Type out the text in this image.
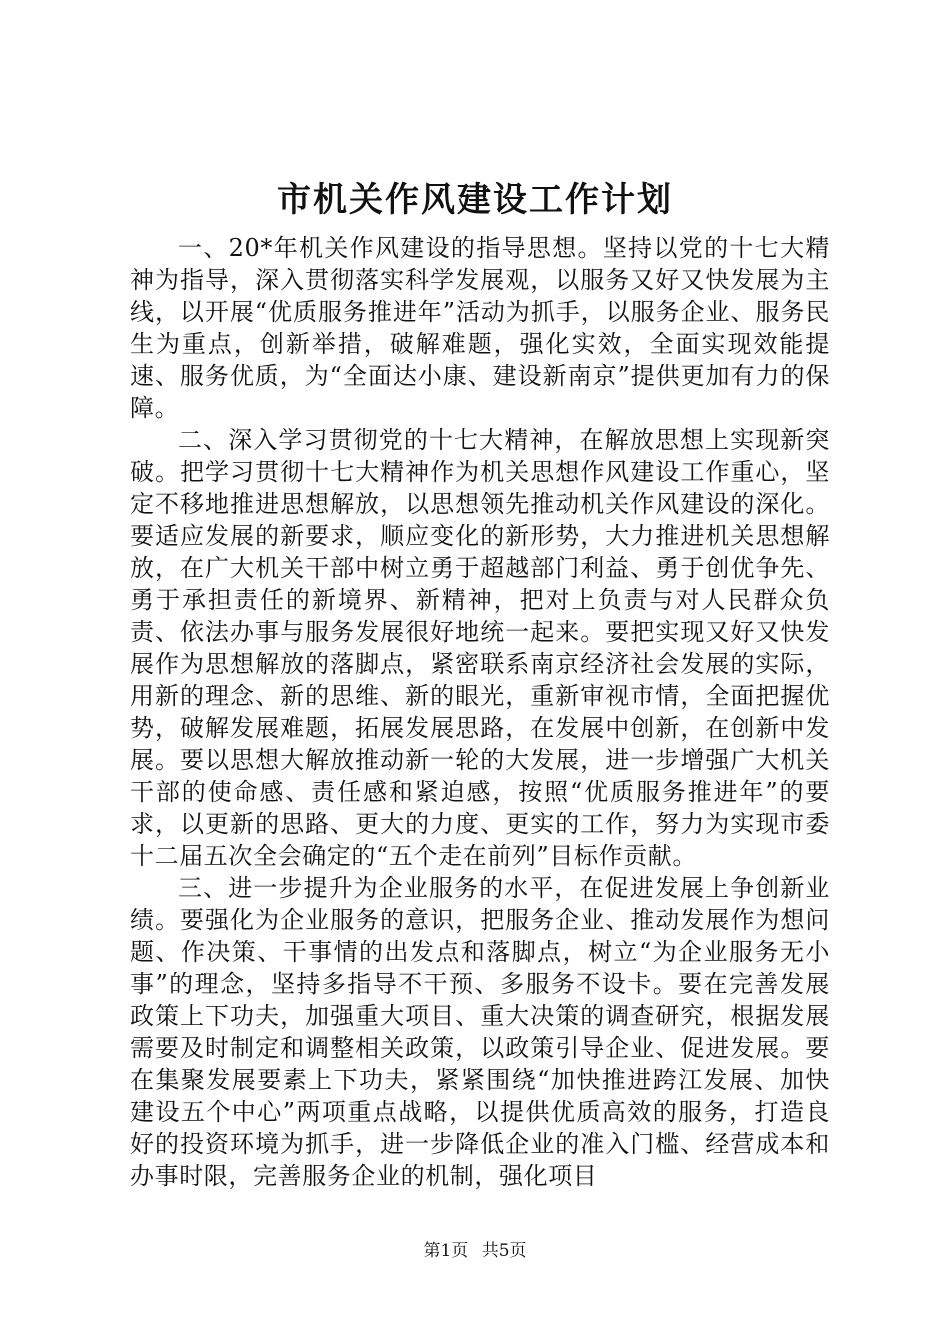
市机关作风建设工作计划

一、20*年机关作风建设的指导思想。坚持以党的十七大精神为指导，深入贯彻落实科学发展观，以服务又好又快发展为主线，以开展“优质服务推进年”活动为抓手，以服务企业、服务民生为重点，创新举措，破解难题，强化实效，全面实现效能提速、服务优质，为“全面达小康、建设新南京”提供更加有力的保障。

二、深入学习贯彻党的十七大精神，在解放思想上实现新突破。把学习贯彻十七大精神作为机关思想作风建设工作重心，坚定不移地推进思想解放，以思想领先推动机关作风建设的深化。要适应发展的新要求，顺应变化的新形势，大力推进机关思想解放，在广大机关干部中树立勇于超越部门利益、勇于创优争先、勇于承担责任的新境界、新精神，把对上负责与对人民群众负责、依法办事与服务发展很好地统一起来。要把实现又好又快发展作为思想解放的落脚点，紧密联系南京经济社会发展的实际，用新的理念、新的思维、新的眼光，重新审视市情，全面把握优势，破解发展难题，拓展发展思路，在发展中创新，在创新中发展。要以思想大解放推动新一轮的大发展，进一步增强广大机关干部的使命感、责任感和紧迫感，按照“优质服务推进年”的要求，以更新的思路、更大的力度、更实的工作，努力为实现市委十二届五次全会确定的“五个走在前列”目标作贡献。

三、进一步提升为企业服务的水平，在促进发展上争创新业绩。要强化为企业服务的意识，把服务企业、推动发展作为想问题、作决策、干事情的出发点和落脚点，树立“为企业服务无小事”的理念，坚持多指导不干预、多服务不设卡。要在完善发展政策上下功夫，加强重大项目、重大决策的调查研究，根据发展需要及时制定和调整相关政策，以政策引导企业、促进发展。要在集聚发展要素上下功夫，紧紧围绕“加快推进跨江发展、加快建设五个中心”两项重点战略，以提供优质高效的服务，打造良好的投资环境为抓手，进一步降低企业的准入门槛、经营成本和办事时限，完善服务企业的机制，强化项目

第1页 共5页
